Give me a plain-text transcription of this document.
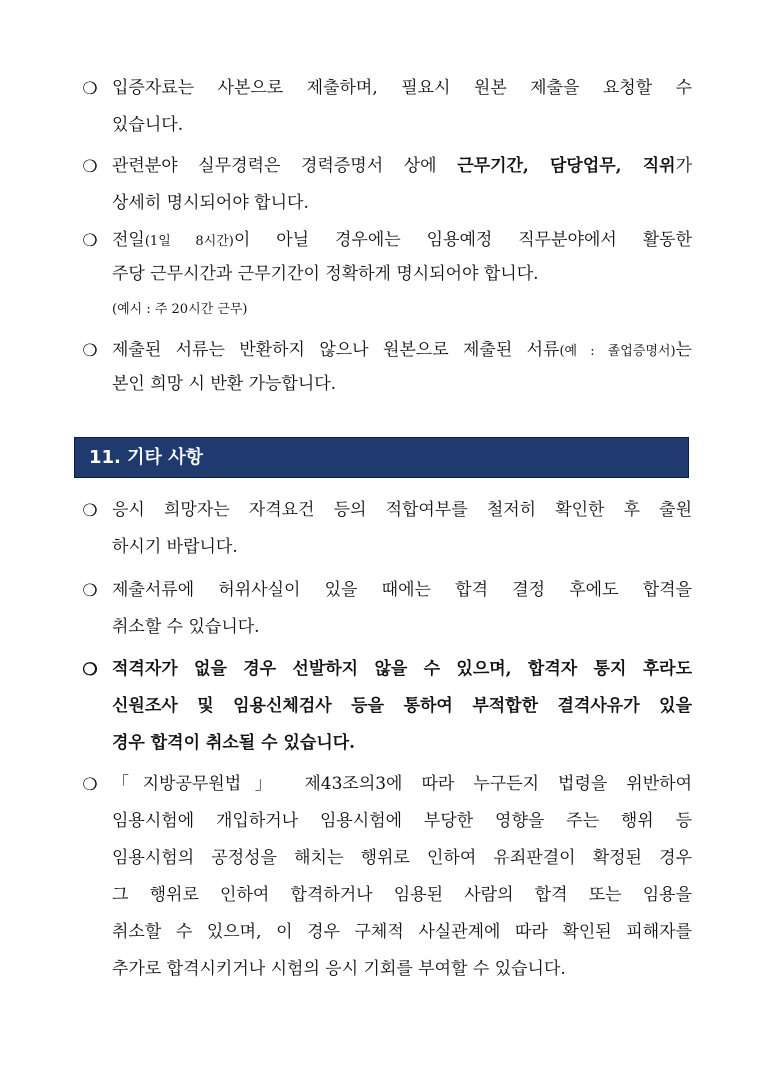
❍ 입증자료는 사본으로 제출하며, 필요시 원본 제출을 요청할 수
있습니다.
❍ 관련분야 실무경력은 경력증명서 상에 근무기간, 담당업무, 직위가
상세히 명시되어야 합니다.
❍ 전일(1일 8시간)이 아닐 경우에는 임용예정 직무분야에서 활동한
주당 근무시간과 근무기간이 정확하게 명시되어야 합니다.
(예시 : 주 20시간 근무)
❍ 제출된 서류는 반환하지 않으나 원본으로 제출된 서류(예 : 졸업증명서)는
본인 희망 시 반환 가능합니다.
11. 기타 사항
❍ 응시 희망자는 자격요건 등의 적합여부를 철저히 확인한 후 출원
하시기 바랍니다.
❍ 제출서류에 허위사실이 있을 때에는 합격 결정 후에도 합격을
취소할 수 있습니다.
❍ 적격자가 없을 경우 선발하지 않을 수 있으며, 합격자 통지 후라도
신원조사 및 임용신체검사 등을 통하여 부적합한 결격사유가 있을
경우 합격이 취소될 수 있습니다.
❍ 「지방공무원법」 제43조의3에 따라 누구든지 법령을 위반하여
임용시험에 개입하거나 임용시험에 부당한 영향을 주는 행위 등
임용시험의 공정성을 해치는 행위로 인하여 유죄판결이 확정된 경우
그 행위로 인하여 합격하거나 임용된 사람의 합격 또는 임용을
취소할 수 있으며, 이 경우 구체적 사실관계에 따라 확인된 피해자를
추가로 합격시키거나 시험의 응시 기회를 부여할 수 있습니다.
